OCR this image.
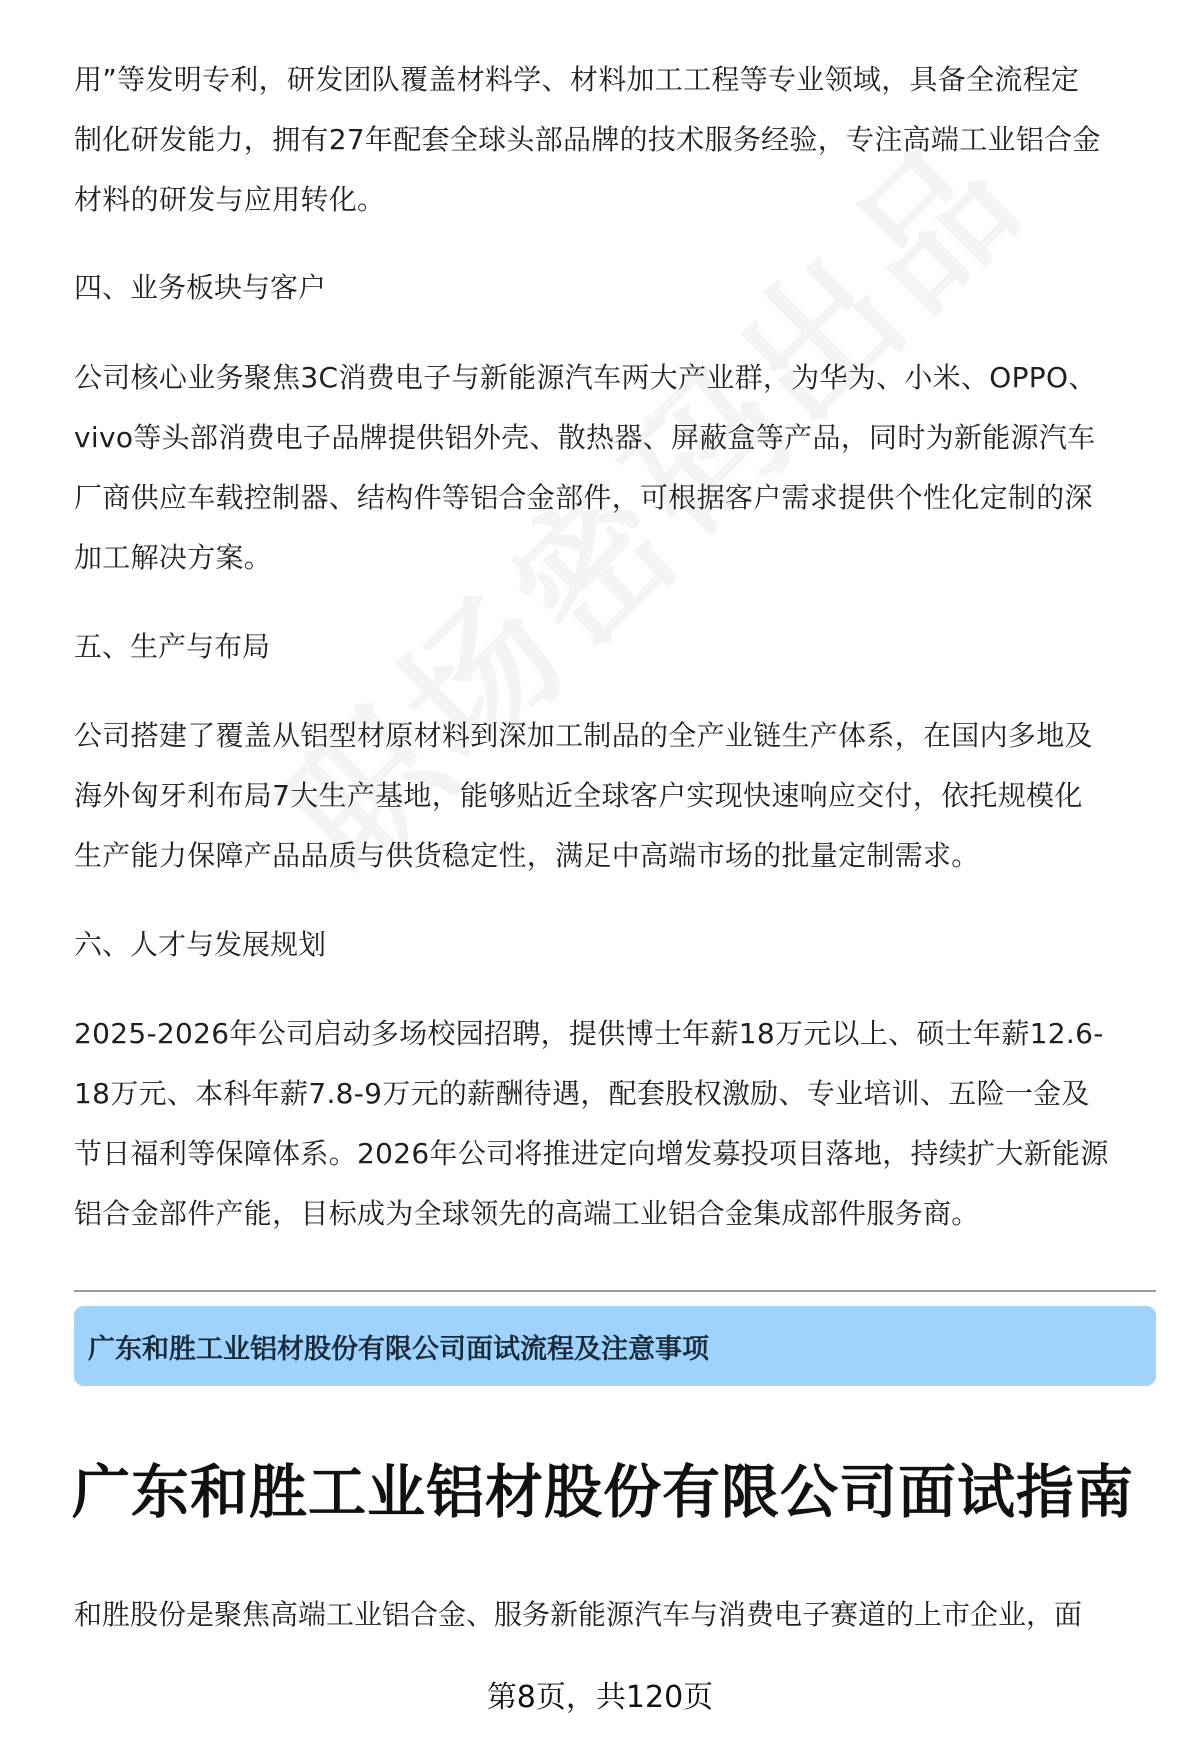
用”等发明专利，研发团队覆盖材料学、材料加工工程等专业领域，具备全流程定

制化研发能力，拥有27年配套全球头部品牌的技术服务经验，专注高端工业铝合金

材料的研发与应用转化。

四、业务板块与客户

公司核心业务聚焦3C消费电子与新能源汽车两大产业群，为华为、小米、OPPO、

vivo等头部消费电子品牌提供铝外壳、散热器、屏蔽盒等产品，同时为新能源汽车

厂商供应车载控制器、结构件等铝合金部件，可根据客户需求提供个性化定制的深

加工解决方案。

五、生产与布局

公司搭建了覆盖从铝型材原材料到深加工制品的全产业链生产体系，在国内多地及

海外匈牙利布局7大生产基地，能够贴近全球客户实现快速响应交付，依托规模化

生产能力保障产品品质与供货稳定性，满足中高端市场的批量定制需求。

六、人才与发展规划

2025-2026年公司启动多场校园招聘，提供博士年薪18万元以上、硕士年薪12.6-

18万元、本科年薪7.8-9万元的薪酬待遇，配套股权激励、专业培训、五险一金及

节日福利等保障体系。2026年公司将推进定向增发募投项目落地，持续扩大新能源

铝合金部件产能，目标成为全球领先的高端工业铝合金集成部件服务商。

广东和胜工业铝材股份有限公司面试流程及注意事项
广东和胜工业铝材股份有限公司面试指南

和胜股份是聚焦高端工业铝合金、服务新能源汽车与消费电子赛道的上市企业，面

第8页，共120页
